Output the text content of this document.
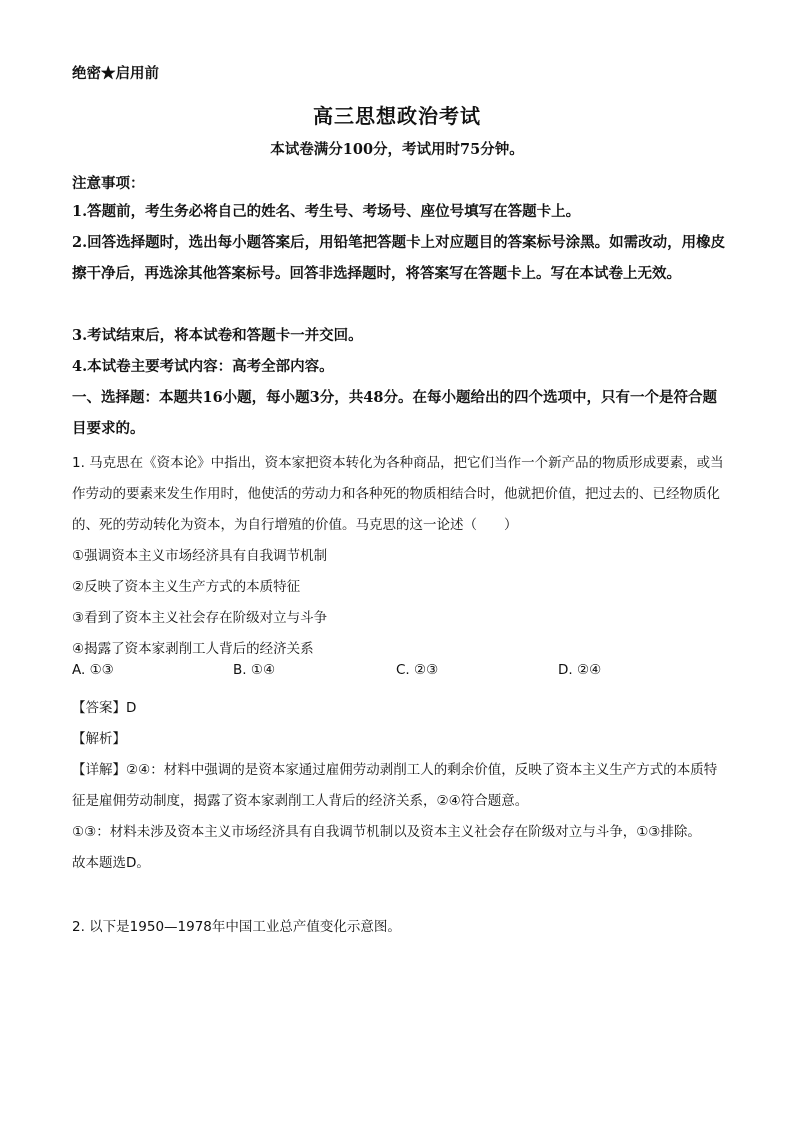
绝密★启用前
高三思想政治考试
本试卷满分100分，考试用时75分钟。
注意事项：

1.答题前，考生务必将自己的姓名、考生号、考场号、座位号填写在答题卡上。

2.回答选择题时，选出每小题答案后，用铅笔把答题卡上对应题目的答案标号涂黑。如需改动，用橡皮擦干净后，再选涂其他答案标号。回答非选择题时，将答案写在答题卡上。写在本试卷上无效。

3.考试结束后，将本试卷和答题卡一并交回。

4.本试卷主要考试内容：高考全部内容。

一、选择题：本题共16小题，每小题3分，共48分。在每小题给出的四个选项中，只有一个是符合题目要求的。

1. 马克思在《资本论》中指出，资本家把资本转化为各种商品，把它们当作一个新产品的物质形成要素，或当作劳动的要素来发生作用时，他使活的劳动力和各种死的物质相结合时，他就把价值，把过去的、已经物质化的、死的劳动转化为资本，为自行增殖的价值。马克思的这一论述（　　）

①强调资本主义市场经济具有自我调节机制

②反映了资本主义生产方式的本质特征

③看到了资本主义社会存在阶级对立与斗争

④揭露了资本家剥削工人背后的经济关系

A. ①③	B. ①④	C. ②③	D. ②④
【答案】D
【解析】

【详解】②④：材料中强调的是资本家通过雇佣劳动剥削工人的剩余价值，反映了资本主义生产方式的本质特征是雇佣劳动制度，揭露了资本家剥削工人背后的经济关系，②④符合题意。

①③：材料未涉及资本主义市场经济具有自我调节机制以及资本主义社会存在阶级对立与斗争，①③排除。

故本题选D。

2. 以下是1950—1978年中国工业总产值变化示意图。
